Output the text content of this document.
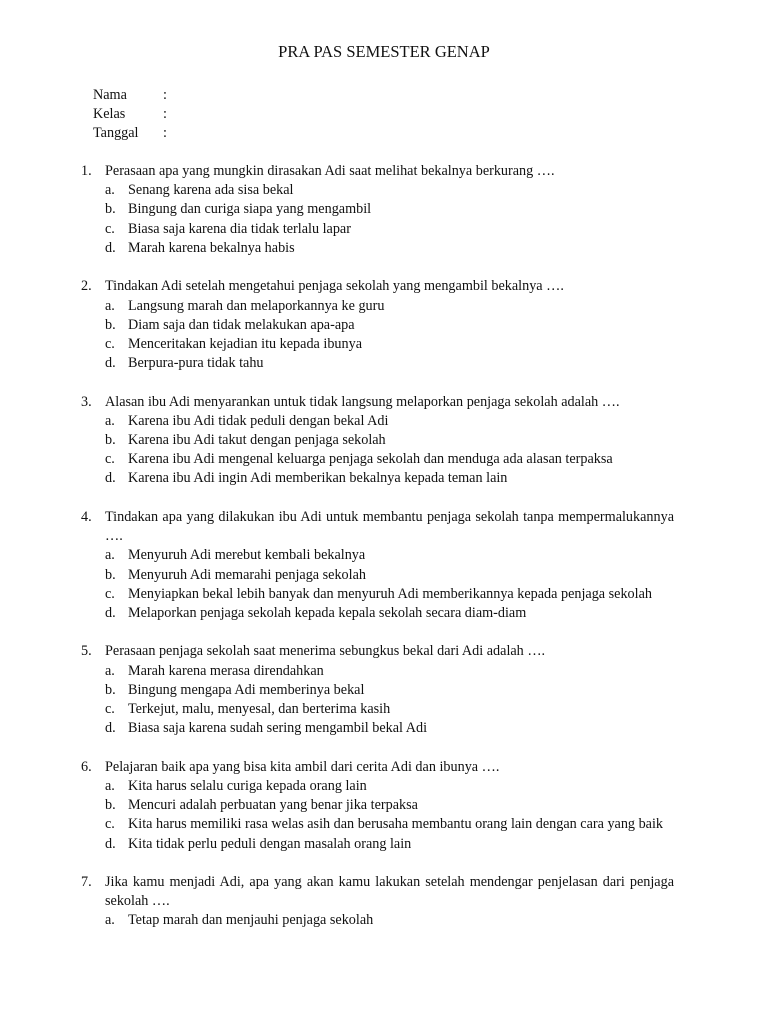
PRA PAS SEMESTER GENAP
Nama	:
Kelas	:
Tanggal	:
1. Perasaan apa yang mungkin dirasakan Adi saat melihat bekalnya berkurang ….
a. Senang karena ada sisa bekal
b. Bingung dan curiga siapa yang mengambil
c. Biasa saja karena dia tidak terlalu lapar
d. Marah karena bekalnya habis
2. Tindakan Adi setelah mengetahui penjaga sekolah yang mengambil bekalnya ….
a. Langsung marah dan melaporkannya ke guru
b. Diam saja dan tidak melakukan apa-apa
c. Menceritakan kejadian itu kepada ibunya
d. Berpura-pura tidak tahu
3. Alasan ibu Adi menyarankan untuk tidak langsung melaporkan penjaga sekolah adalah ….
a. Karena ibu Adi tidak peduli dengan bekal Adi
b. Karena ibu Adi takut dengan penjaga sekolah
c. Karena ibu Adi mengenal keluarga penjaga sekolah dan menduga ada alasan terpaksa
d. Karena ibu Adi ingin Adi memberikan bekalnya kepada teman lain
4. Tindakan apa yang dilakukan ibu Adi untuk membantu penjaga sekolah tanpa mempermalukannya ….
a. Menyuruh Adi merebut kembali bekalnya
b. Menyuruh Adi memarahi penjaga sekolah
c. Menyiapkan bekal lebih banyak dan menyuruh Adi memberikannya kepada penjaga sekolah
d. Melaporkan penjaga sekolah kepada kepala sekolah secara diam-diam
5. Perasaan penjaga sekolah saat menerima sebungkus bekal dari Adi adalah ….
a. Marah karena merasa direndahkan
b. Bingung mengapa Adi memberinya bekal
c. Terkejut, malu, menyesal, dan berterima kasih
d. Biasa saja karena sudah sering mengambil bekal Adi
6. Pelajaran baik apa yang bisa kita ambil dari cerita Adi dan ibunya ….
a. Kita harus selalu curiga kepada orang lain
b. Mencuri adalah perbuatan yang benar jika terpaksa
c. Kita harus memiliki rasa welas asih dan berusaha membantu orang lain dengan cara yang baik
d. Kita tidak perlu peduli dengan masalah orang lain
7. Jika kamu menjadi Adi, apa yang akan kamu lakukan setelah mendengar penjelasan dari penjaga sekolah ….
a. Tetap marah dan menjauhi penjaga sekolah
